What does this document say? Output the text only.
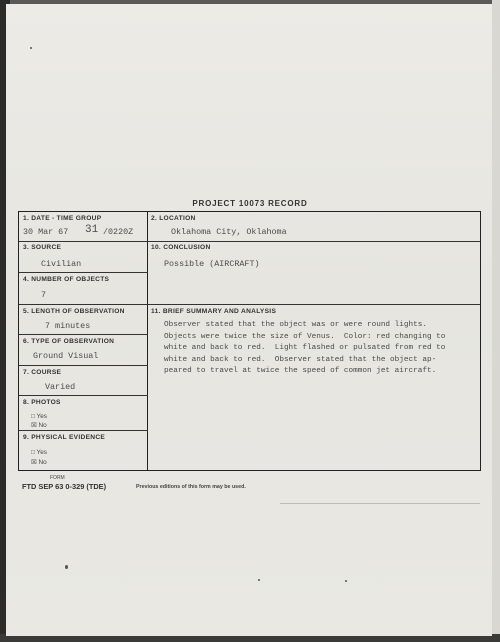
PROJECT 10073 RECORD
1. DATE - TIME GROUP
30 Mar 67 31 /0220Z
2. LOCATION
Oklahoma City, Oklahoma
3. SOURCE
Civilian
10. CONCLUSION
Possible (AIRCRAFT)
4. NUMBER OF OBJECTS
7
5. LENGTH OF OBSERVATION
7 minutes
11. BRIEF SUMMARY AND ANALYSIS
Observer stated that the object was or were round lights.
Objects were twice the size of Venus.  Color: red changing to
white and back to red.  Light flashed or pulsated from red to
white and back to red.  Observer stated that the object ap-
peared to travel at twice the speed of common jet aircraft.
6. TYPE OF OBSERVATION
Ground Visual
7. COURSE
Varied
8. PHOTOS
□ Yes
☒ No
9. PHYSICAL EVIDENCE
□ Yes
☒ No
FORM
FTD SEP 63 0-329 (TDE)	Previous editions of this form may be used.
